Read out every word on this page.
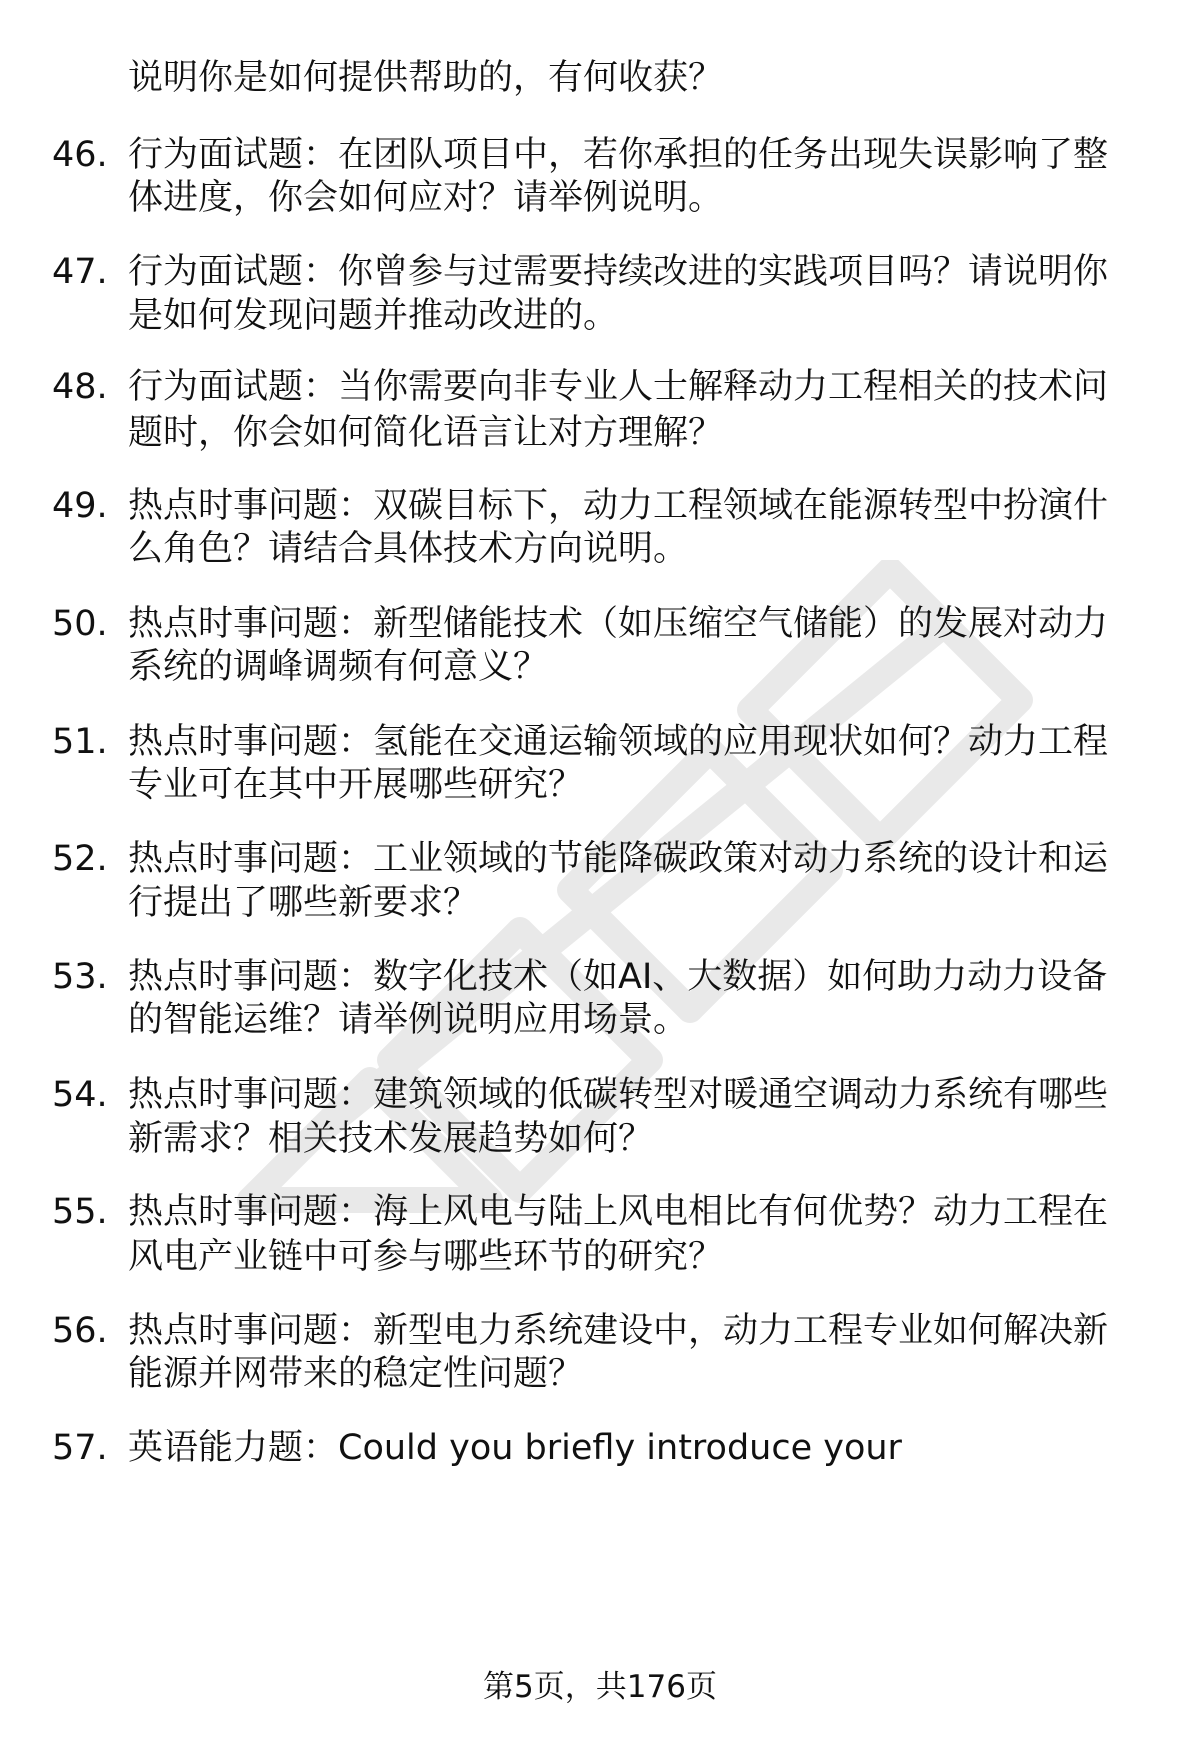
说明你是如何提供帮助的，有何收获？
46. 行为面试题：在团队项目中，若你承担的任务出现失误影响了整
体进度，你会如何应对？请举例说明。
47. 行为面试题：你曾参与过需要持续改进的实践项目吗？请说明你
是如何发现问题并推动改进的。
48. 行为面试题：当你需要向非专业人士解释动力工程相关的技术问
题时，你会如何简化语言让对方理解？
49. 热点时事问题：双碳目标下，动力工程领域在能源转型中扮演什
么角色？请结合具体技术方向说明。
50. 热点时事问题：新型储能技术（如压缩空气储能）的发展对动力
系统的调峰调频有何意义？
51. 热点时事问题：氢能在交通运输领域的应用现状如何？动力工程
专业可在其中开展哪些研究？
52. 热点时事问题：工业领域的节能降碳政策对动力系统的设计和运
行提出了哪些新要求？
53. 热点时事问题：数字化技术（如AI、大数据）如何助力动力设备
的智能运维？请举例说明应用场景。
54. 热点时事问题：建筑领域的低碳转型对暖通空调动力系统有哪些
新需求？相关技术发展趋势如何？
55. 热点时事问题：海上风电与陆上风电相比有何优势？动力工程在
风电产业链中可参与哪些环节的研究？
56. 热点时事问题：新型电力系统建设中，动力工程专业如何解决新
能源并网带来的稳定性问题？
57. 英语能力题：Could you briefly introduce your
第5页，共176页
